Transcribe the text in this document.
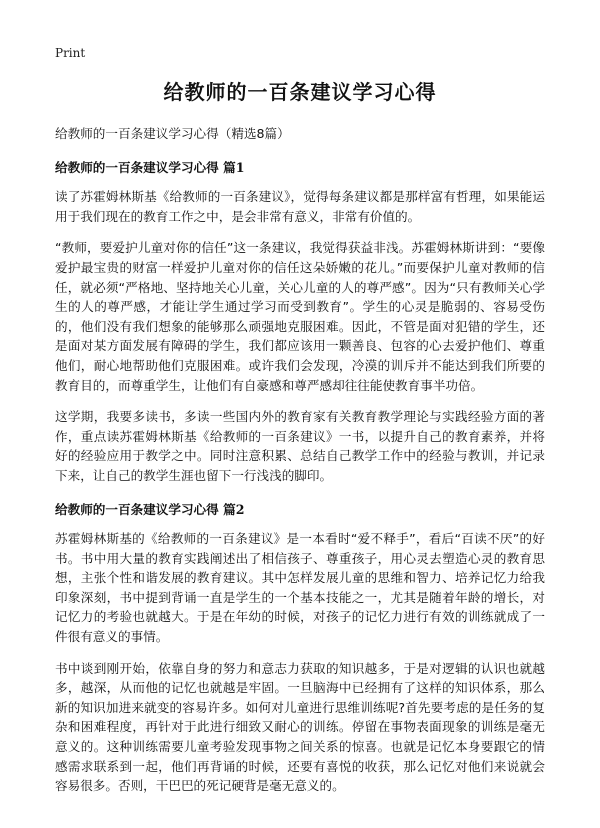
Print
给教师的一百条建议学习心得

给教师的一百条建议学习心得（精选8篇）

给教师的一百条建议学习心得 篇1

读了苏霍姆林斯基《给教师的一百条建议》，觉得每条建议都是那样富有哲理，如果能运用于我们现在的教育工作之中，是会非常有意义，非常有价值的。

“教师，要爱护儿童对你的信任”这一条建议，我觉得获益非浅。苏霍姆林斯讲到：“要像爱护最宝贵的财富一样爱护儿童对你的信任这朵娇嫩的花儿。”而要保护儿童对教师的信任，就必须“严格地、坚持地关心儿童，关心儿童的人的尊严感”。因为“只有教师关心学生的人的尊严感，才能让学生通过学习而受到教育”。学生的心灵是脆弱的、容易受伤的，他们没有我们想象的能够那么顽强地克服困难。因此，不管是面对犯错的学生，还是面对某方面发展有障碍的学生，我们都应该用一颗善良、包容的心去爱护他们、尊重他们，耐心地帮助他们克服困难。或许我们会发现，冷漠的训斥并不能达到我们所要的教育目的，而尊重学生，让他们有自豪感和尊严感却往往能使教育事半功倍。

这学期，我要多读书，多读一些国内外的教育家有关教育教学理论与实践经验方面的著作，重点读苏霍姆林斯基《给教师的一百条建议》一书，以提升自己的教育素养，并将好的经验应用于教学之中。同时注意积累、总结自己教学工作中的经验与教训，并记录下来，让自己的教学生涯也留下一行浅浅的脚印。

给教师的一百条建议学习心得 篇2

苏霍姆林斯基的《给教师的一百条建议》是一本看时“爱不释手”，看后“百读不厌”的好书。书中用大量的教育实践阐述出了相信孩子、尊重孩子，用心灵去塑造心灵的教育思想，主张个性和谐发展的教育建议。其中怎样发展儿童的思维和智力、培养记忆力给我印象深刻，书中提到背诵一直是学生的一个基本技能之一，尤其是随着年龄的增长，对记忆力的考验也就越大。于是在年幼的时候，对孩子的记忆力进行有效的训练就成了一件很有意义的事情。

书中谈到刚开始，依靠自身的努力和意志力获取的知识越多，于是对逻辑的认识也就越多，越深，从而他的记忆也就越是牢固。一旦脑海中已经拥有了这样的知识体系，那么新的知识加进来就变的容易许多。如何对儿童进行思维训练呢?首先要考虑的是任务的复杂和困难程度，再针对于此进行细致又耐心的训练。停留在事物表面现象的训练是毫无意义的。这种训练需要儿童考验发现事物之间关系的惊喜。也就是记忆本身要跟它的情感需求联系到一起，他们再背诵的时候，还要有喜悦的收获，那么记忆对他们来说就会容易很多。否则，干巴巴的死记硬背是毫无意义的。
